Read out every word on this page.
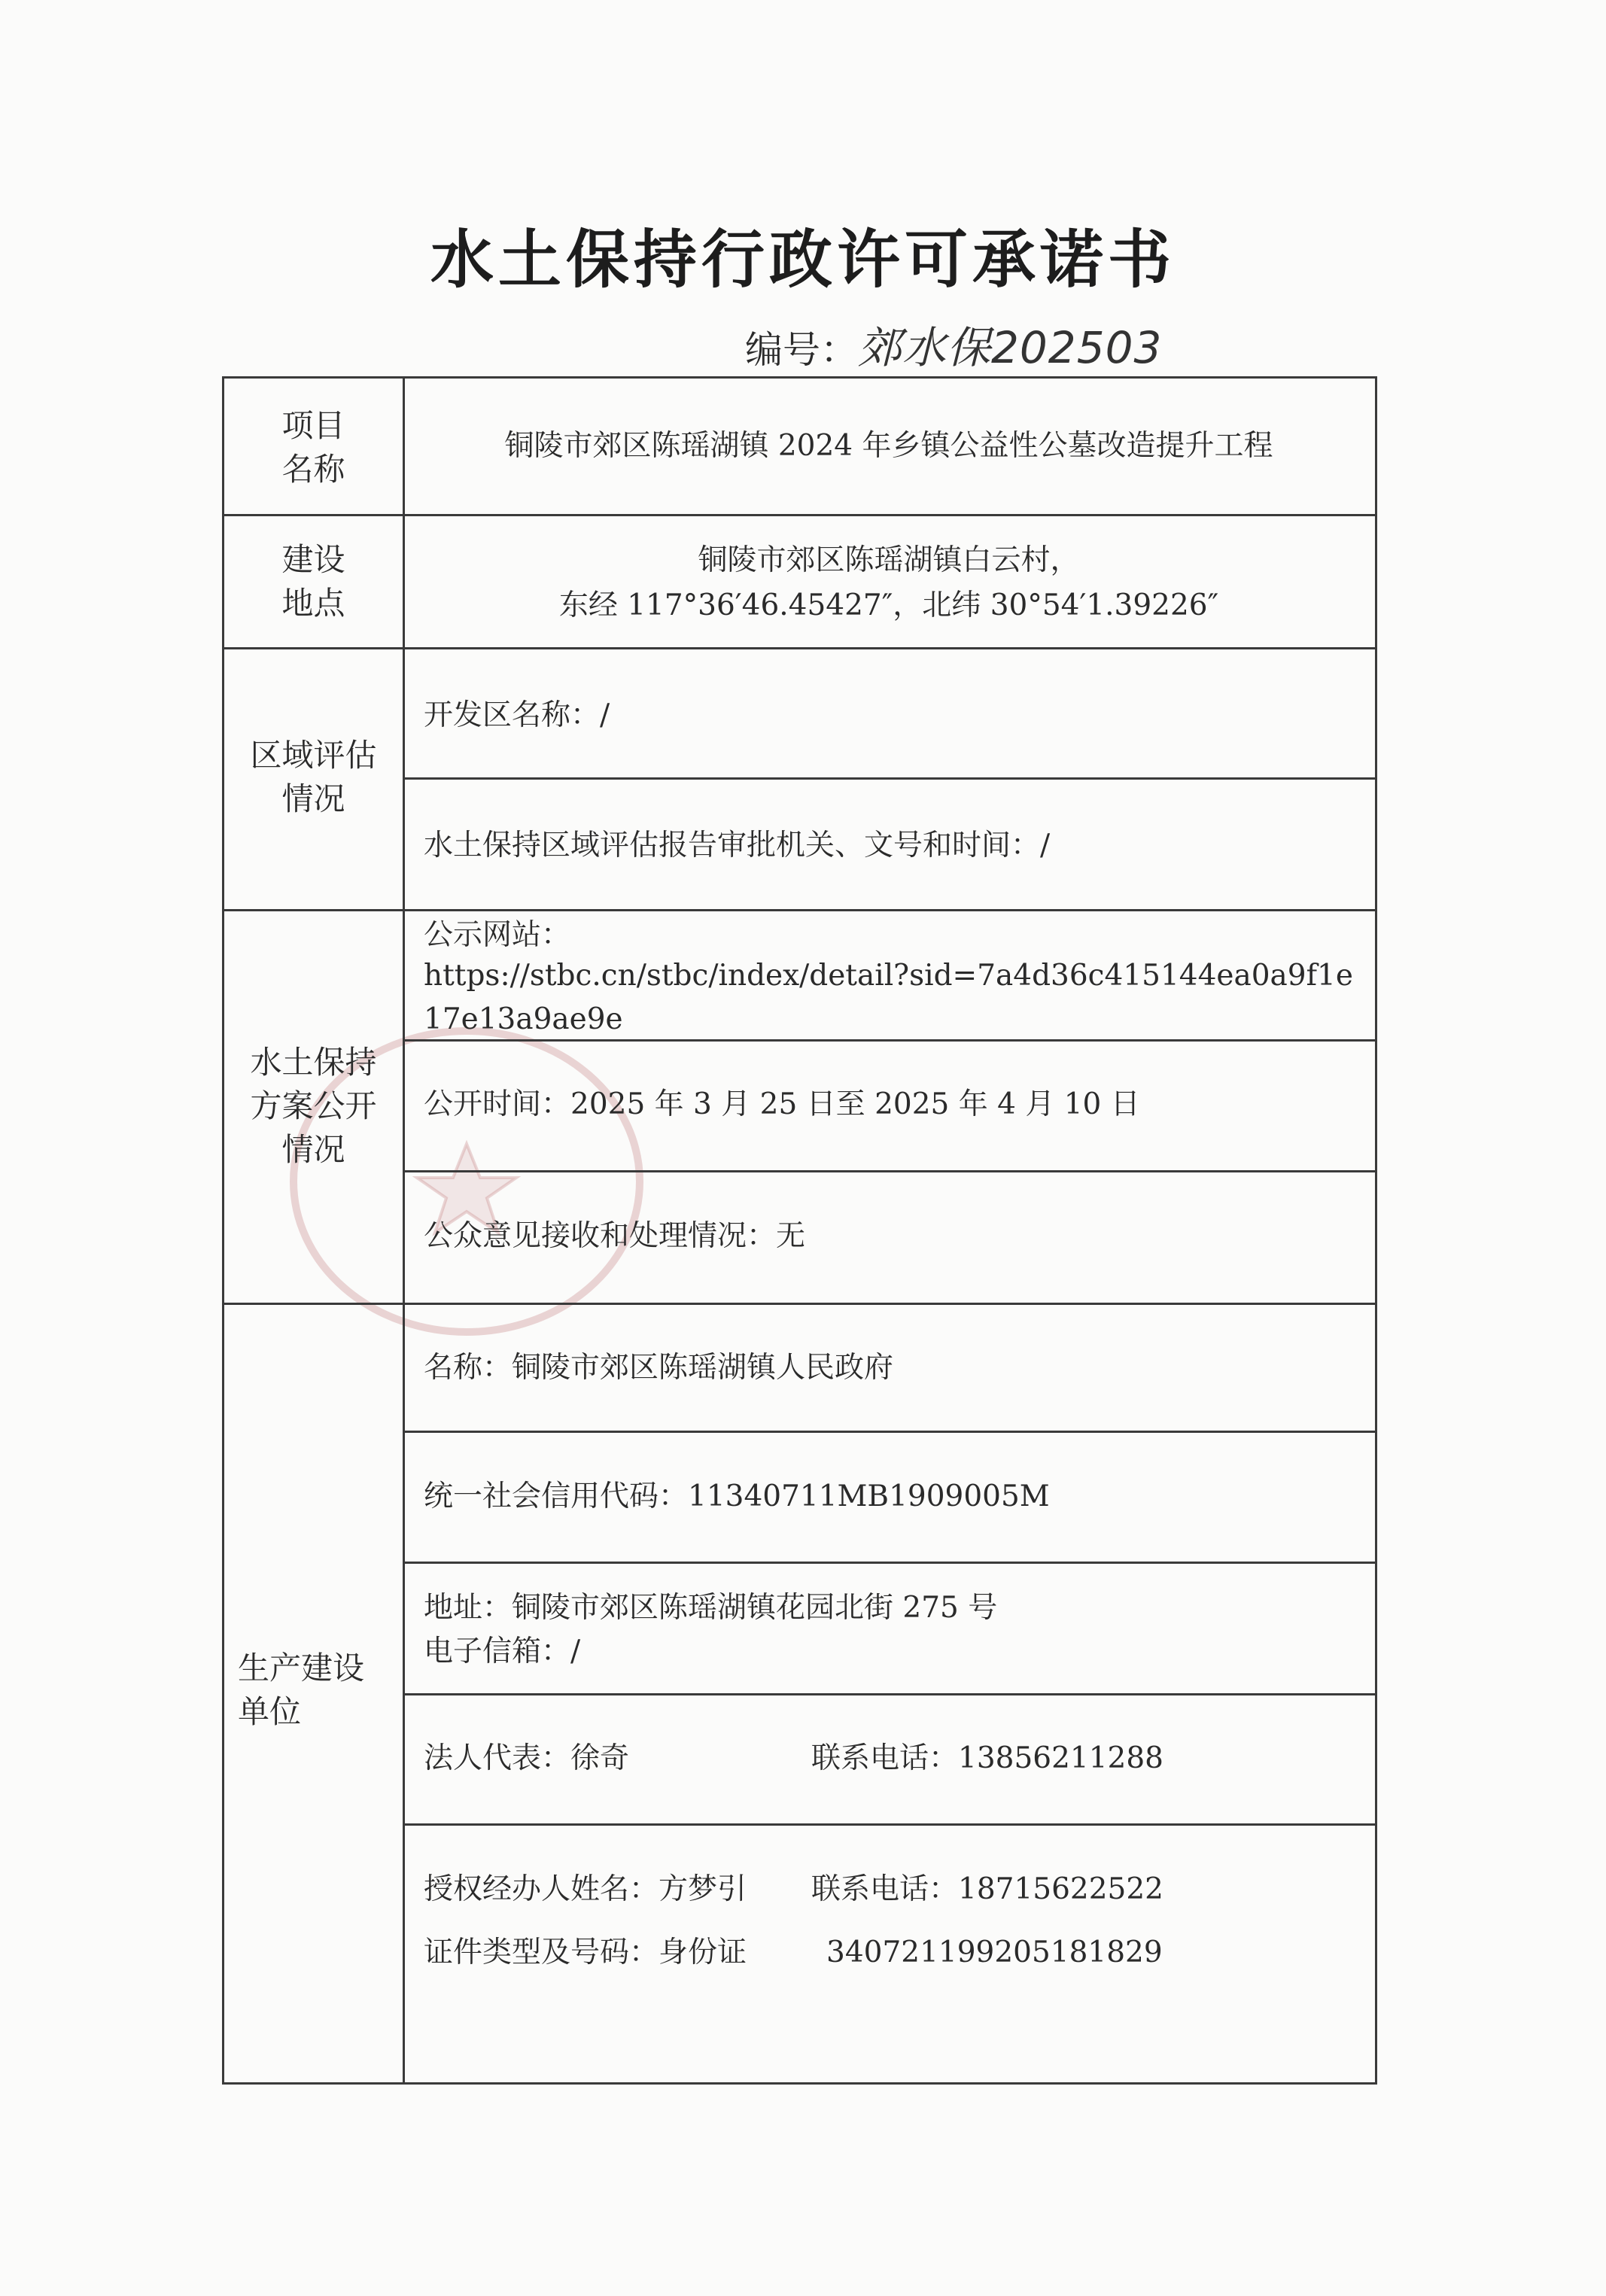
水土保持行政许可承诺书
编号：郊水保202503
项目
名称
铜陵市郊区陈瑶湖镇 2024 年乡镇公益性公墓改造提升工程
建设
地点
铜陵市郊区陈瑶湖镇白云村，
东经 117°36′46.45427″，北纬 30°54′1.39226″
区域评估
情况
开发区名称：/
水土保持区域评估报告审批机关、文号和时间：/
水土保持
方案公开
情况
公示网站：
https://stbc.cn/stbc/index/detail?sid=7a4d36c415144ea0a9f1e17e13a9ae9e
公开时间：2025 年 3 月 25 日至 2025 年 4 月 10 日
公众意见接收和处理情况：无
生产建设
单位
名称：铜陵市郊区陈瑶湖镇人民政府
统一社会信用代码：11340711MB1909005M
地址：铜陵市郊区陈瑶湖镇花园北街 275 号
电子信箱：/
法人代表：徐奇	联系电话：13856211288
授权经办人姓名：方梦引 联系电话：18715622522
证件类型及号码：身份证	340721199205181829
